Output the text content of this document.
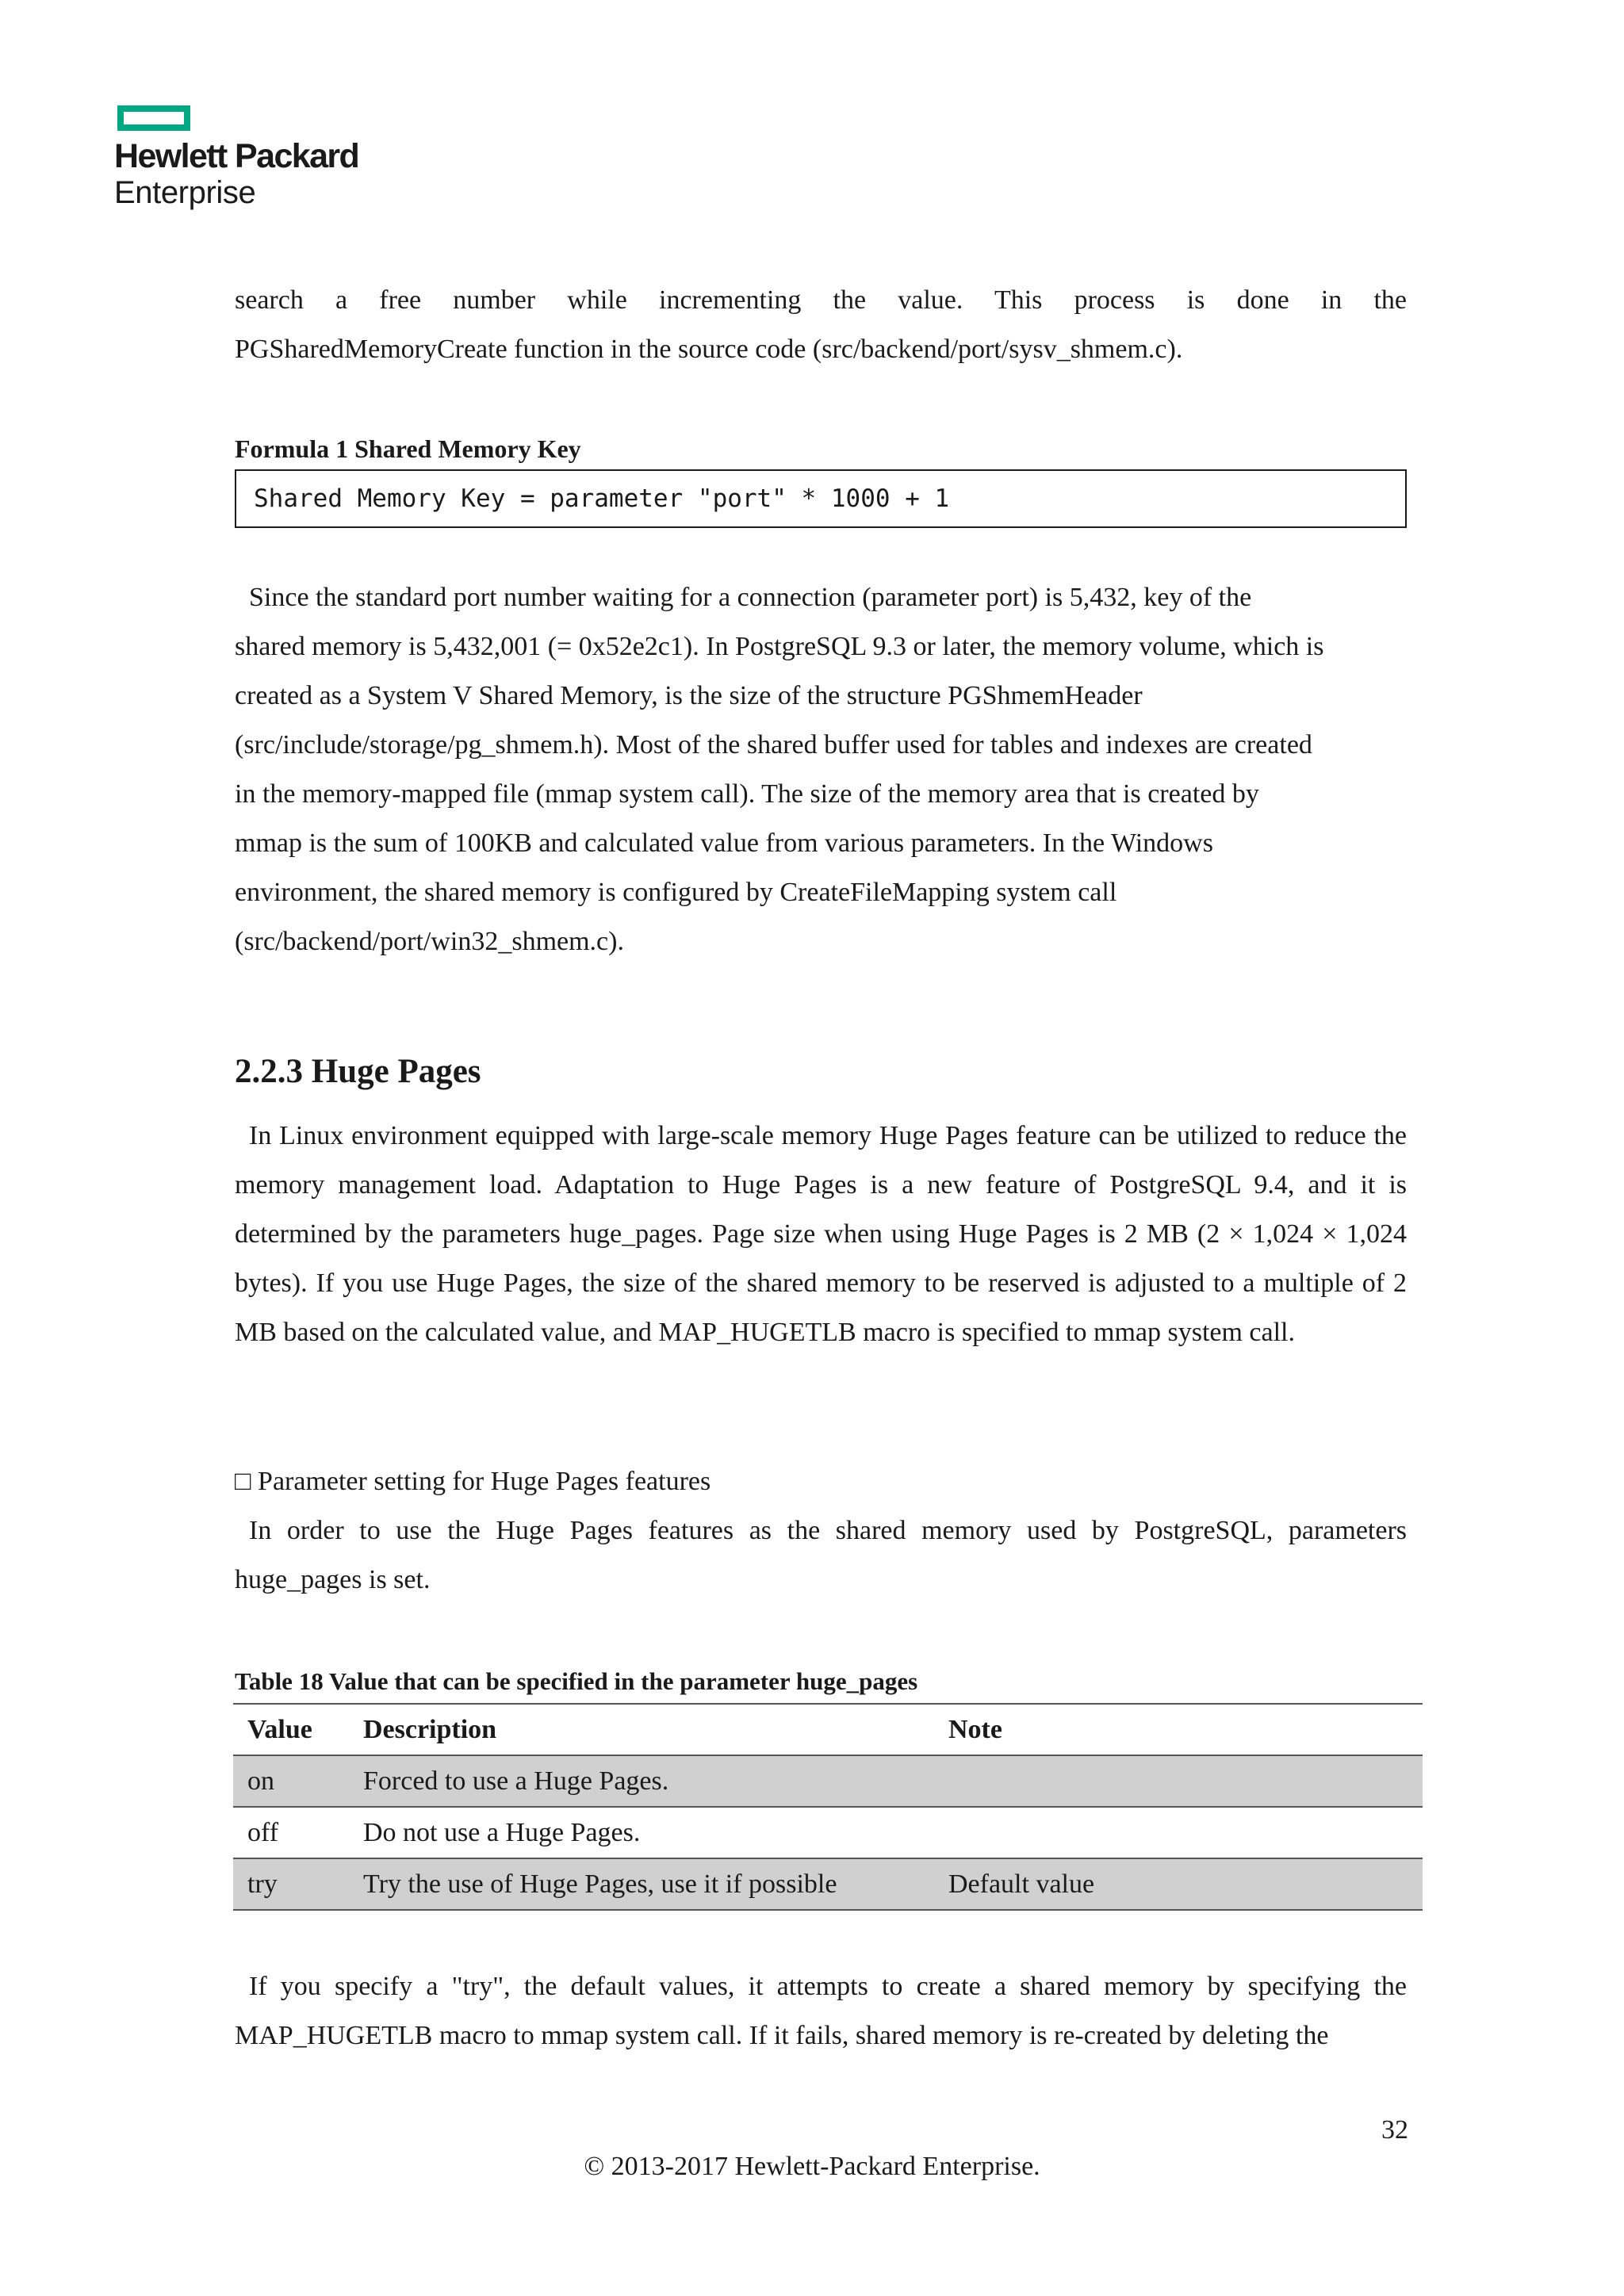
Hewlett Packard
Enterprise

search a free number while incrementing the value. This process is done in the

PGSharedMemoryCreate function in the source code (src/backend/port/sysv_shmem.c).

Formula 1 Shared Memory Key
Shared Memory Key = parameter "port" * 1000 + 1

Since the standard port number waiting for a connection (parameter port) is 5,432, key of the

shared memory is 5,432,001 (= 0x52e2c1). In PostgreSQL 9.3 or later, the memory volume, which is

created as a System V Shared Memory, is the size of the structure PGShmemHeader

(src/include/storage/pg_shmem.h). Most of the shared buffer used for tables and indexes are created

in the memory-mapped file (mmap system call). The size of the memory area that is created by

mmap is the sum of 100KB and calculated value from various parameters. In the Windows

environment, the shared memory is configured by CreateFileMapping system call

(src/backend/port/win32_shmem.c).

2.2.3 Huge Pages

In Linux environment equipped with large-scale memory Huge Pages feature can be utilized to reduce the memory management load. Adaptation to Huge Pages is a new feature of PostgreSQL 9.4, and it is determined by the parameters huge_pages. Page size when using Huge Pages is 2 MB (2 × 1,024 × 1,024 bytes). If you use Huge Pages, the size of the shared memory to be reserved is adjusted to a multiple of 2 MB based on the calculated value, and MAP_HUGETLB macro is specified to mmap system call.

□ Parameter setting for Huge Pages features

In order to use the Huge Pages features as the shared memory used by PostgreSQL, parameters huge_pages is set.

Table 18 Value that can be specified in the parameter huge_pages
Value	Description	Note
on	Forced to use a Huge Pages.	
off	Do not use a Huge Pages.	
try	Try the use of Huge Pages, use it if possible	Default value

If you specify a "try", the default values, it attempts to create a shared memory by specifying the MAP_HUGETLB macro to mmap system call. If it fails, shared memory is re-created by deleting the

32
© 2013-2017 Hewlett-Packard Enterprise.
